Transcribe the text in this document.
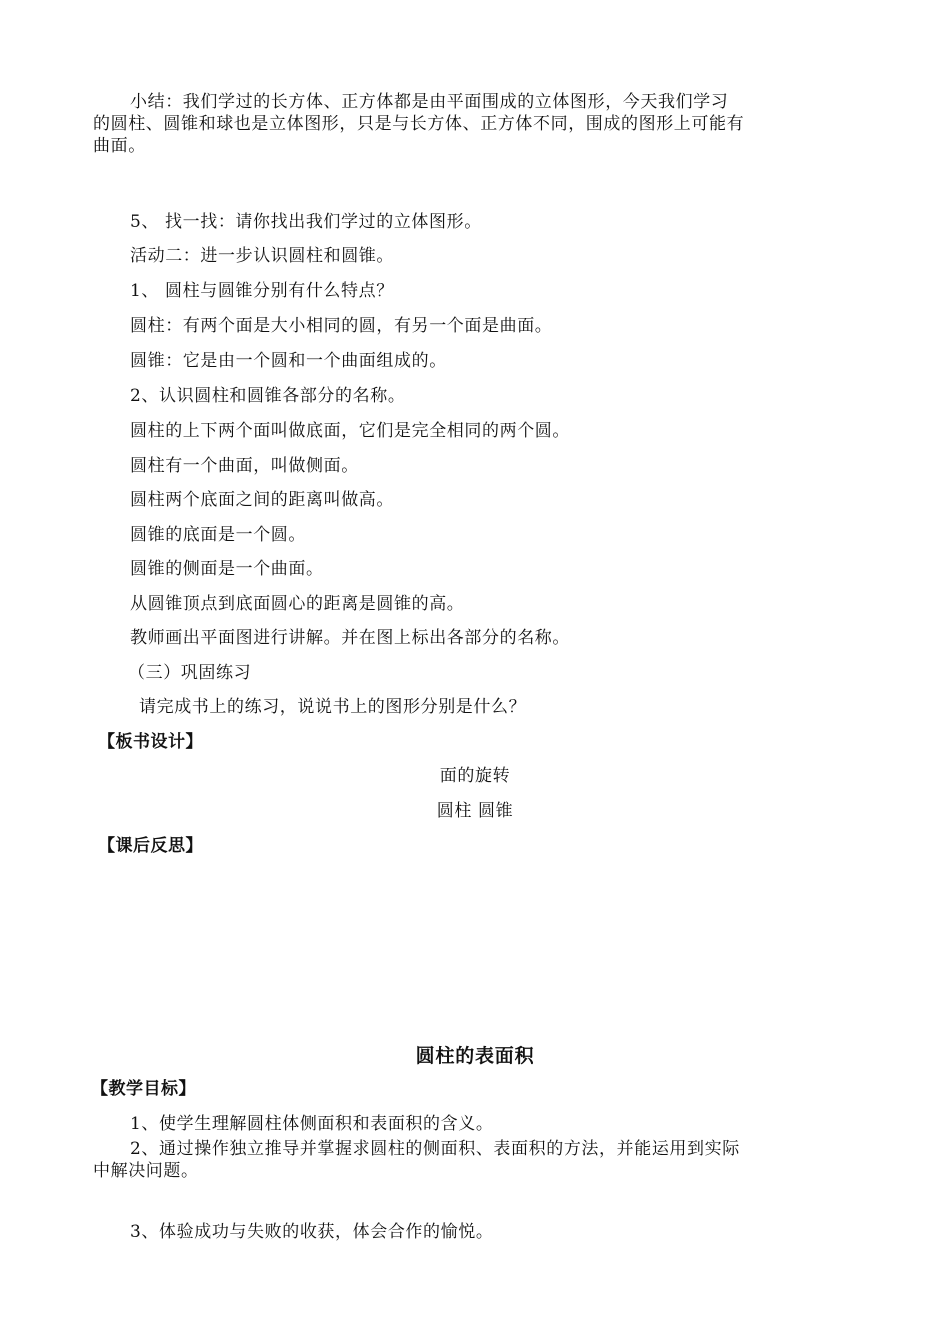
小结：我们学过的长方体、正方体都是由平面围成的立体图形，今天我们学习
的圆柱、圆锥和球也是立体图形，只是与长方体、正方体不同，围成的图形上可能有
曲面。

5、 找一找：请你找出我们学过的立体图形。

活动二：进一步认识圆柱和圆锥。

1、 圆柱与圆锥分别有什么特点？

圆柱：有两个面是大小相同的圆，有另一个面是曲面。

圆锥：它是由一个圆和一个曲面组成的。

2、认识圆柱和圆锥各部分的名称。

圆柱的上下两个面叫做底面，它们是完全相同的两个圆。

圆柱有一个曲面，叫做侧面。

圆柱两个底面之间的距离叫做高。

圆锥的底面是一个圆。

圆锥的侧面是一个曲面。

从圆锥顶点到底面圆心的距离是圆锥的高。

教师画出平面图进行讲解。并在图上标出各部分的名称。

（三）巩固练习

请完成书上的练习，说说书上的图形分别是什么？

【板书设计】

面的旋转

圆柱 圆锥

【课后反思】

圆柱的表面积

【教学目标】

1、使学生理解圆柱体侧面积和表面积的含义。

2、通过操作独立推导并掌握求圆柱的侧面积、表面积的方法，并能运用到实际
中解决问题。

3、体验成功与失败的收获，体会合作的愉悦。
